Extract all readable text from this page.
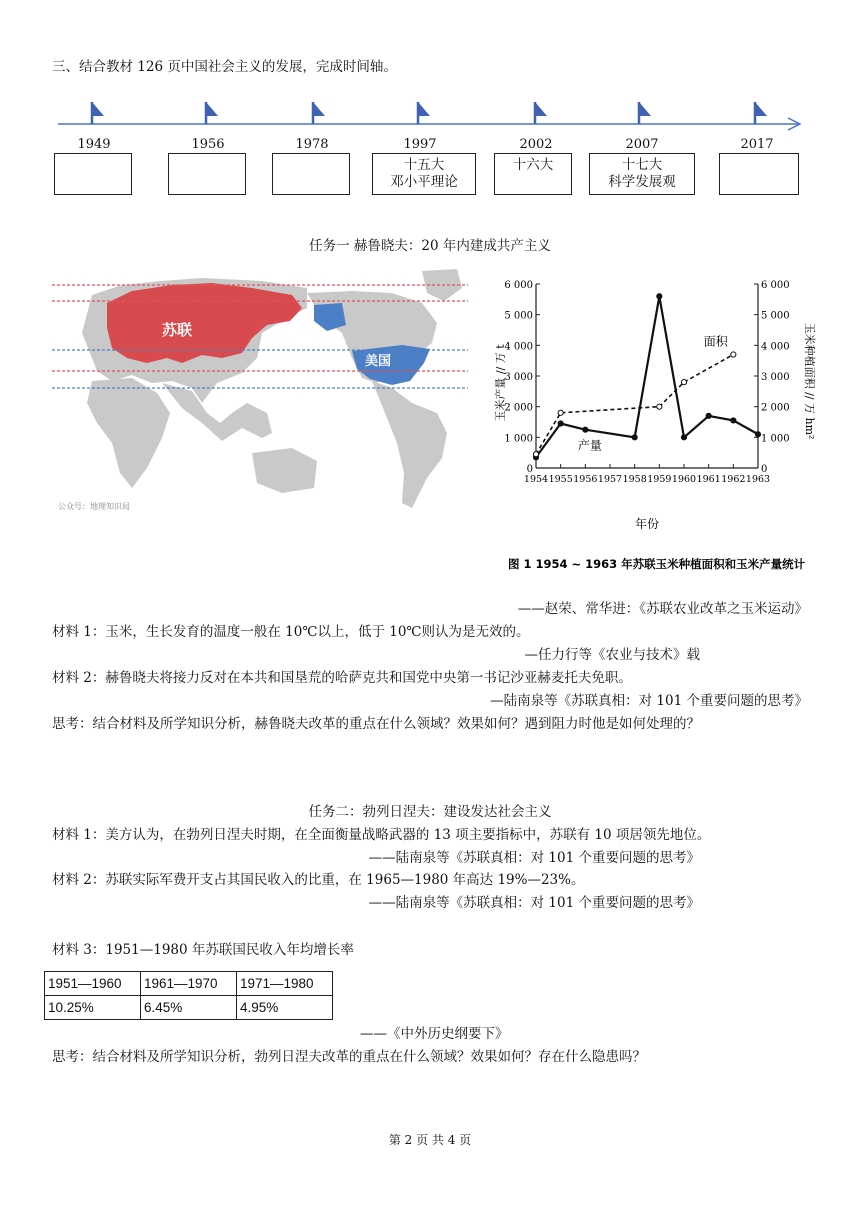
三、结合教材 126 页中国社会主义的发展，完成时间轴。
1949	1956	1978	1997
十五大
邓小平理论
2002
十六大
2007
十七大
科学发展观
2017
任务一 赫鲁晓夫：20 年内建成共产主义
苏联
美国
公众号：地理知识局
0	0
1 000	1 000
2 000	2 000
3 000	3 000
4 000	4 000
5 000	5 000
6 000	6 000
1954 1955 1956 1957 1958 1959 1960 1961 1962 1963
产量
面积
玉米产量 // 万 t	玉米种植面积 // 万 hm²
年份
图 1 1954 ~ 1963 年苏联玉米种植面积和玉米产量统计
——赵荣、常华进：《苏联农业改革之玉米运动》
材料 1：玉米，生长发育的温度一般在 10℃以上，低于 10℃则认为是无效的。
—任力行等《农业与技术》载
材料 2：赫鲁晓夫将接力反对在本共和国垦荒的哈萨克共和国党中央第一书记沙亚赫麦托夫免职。
—陆南泉等《苏联真相：对 101 个重要问题的思考》
思考：结合材料及所学知识分析，赫鲁晓夫改革的重点在什么领域？效果如何？遇到阻力时他是如何处理的？
任务二：勃列日涅夫：建设发达社会主义
材料 1：美方认为，在勃列日涅夫时期，在全面衡量战略武器的 13 项主要指标中，苏联有 10 项居领先地位。
——陆南泉等《苏联真相：对 101 个重要问题的思考》
材料 2：苏联实际军费开支占其国民收入的比重，在 1965—1980 年高达 19%—23%。
——陆南泉等《苏联真相：对 101 个重要问题的思考》
材料 3：1951—1980 年苏联国民收入年均增长率
1951—1960	1961—1970	1971—1980
10.25%	6.45%	4.95%
——《中外历史纲要下》
思考：结合材料及所学知识分析，勃列日涅夫改革的重点在什么领域？效果如何？存在什么隐患吗？
第 2 页 共 4 页
